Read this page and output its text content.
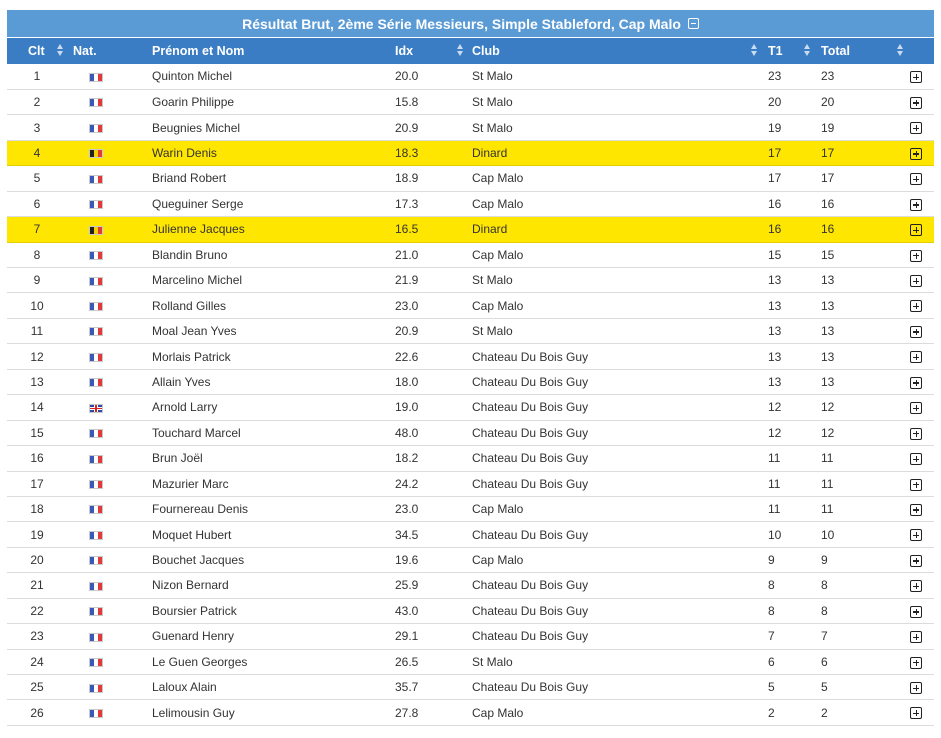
Résultat Brut, 2ème Série Messieurs, Simple Stableford, Cap Malo
Clt	Nat.	Prénom et Nom	Idx	Club	T1	Total	

1		Quinton Michel	20.0	St Malo	23	23	
2		Goarin Philippe	15.8	St Malo	20	20	
3		Beugnies Michel	20.9	St Malo	19	19	
4		Warin Denis	18.3	Dinard	17	17	
5		Briand Robert	18.9	Cap Malo	17	17	
6		Queguiner Serge	17.3	Cap Malo	16	16	
7		Julienne Jacques	16.5	Dinard	16	16	
8		Blandin Bruno	21.0	Cap Malo	15	15	
9		Marcelino Michel	21.9	St Malo	13	13	
10		Rolland Gilles	23.0	Cap Malo	13	13	
11		Moal Jean Yves	20.9	St Malo	13	13	
12		Morlais Patrick	22.6	Chateau Du Bois Guy	13	13	
13		Allain Yves	18.0	Chateau Du Bois Guy	13	13	
14		Arnold Larry	19.0	Chateau Du Bois Guy	12	12	
15		Touchard Marcel	48.0	Chateau Du Bois Guy	12	12	
16		Brun Joël	18.2	Chateau Du Bois Guy	11	11	
17		Mazurier Marc	24.2	Chateau Du Bois Guy	11	11	
18		Fournereau Denis	23.0	Cap Malo	11	11	
19		Moquet Hubert	34.5	Chateau Du Bois Guy	10	10	
20		Bouchet Jacques	19.6	Cap Malo	9	9	
21		Nizon Bernard	25.9	Chateau Du Bois Guy	8	8	
22		Boursier Patrick	43.0	Chateau Du Bois Guy	8	8	
23		Guenard Henry	29.1	Chateau Du Bois Guy	7	7	
24		Le Guen Georges	26.5	St Malo	6	6	
25		Laloux Alain	35.7	Chateau Du Bois Guy	5	5	
26		Lelimousin Guy	27.8	Cap Malo	2	2	
